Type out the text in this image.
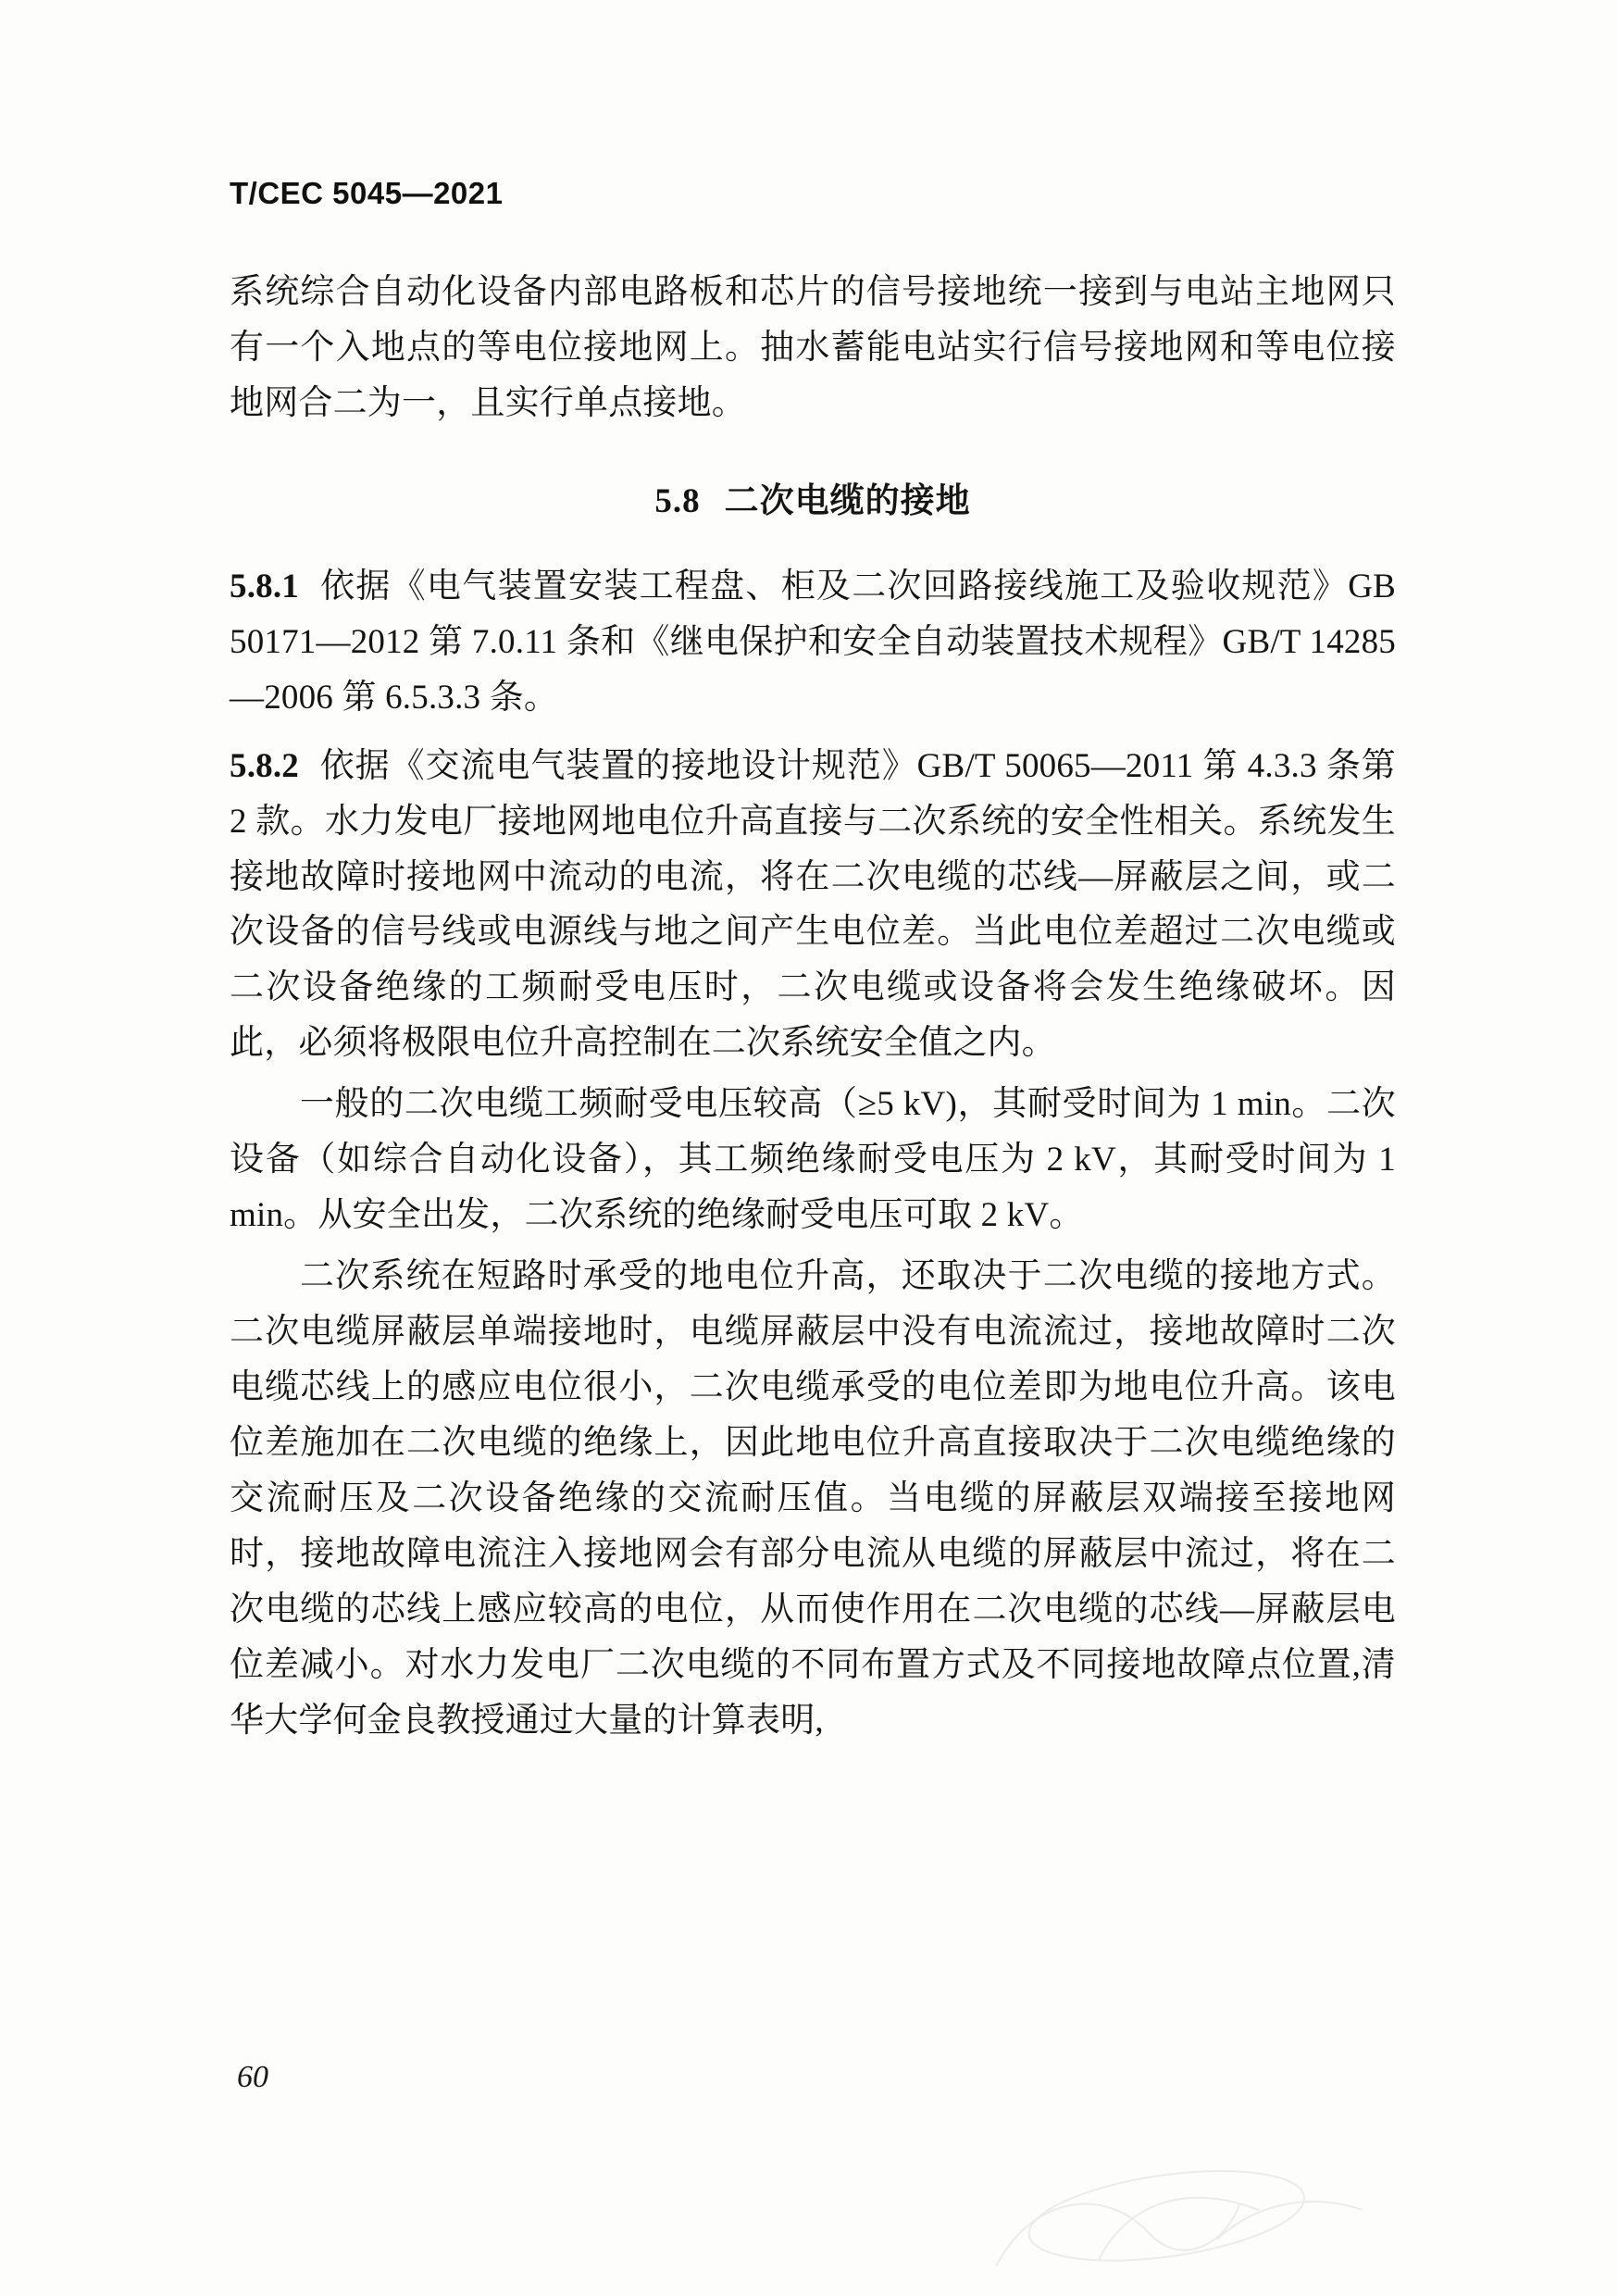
T/CEC 5045—2021

系统综合自动化设备内部电路板和芯片的信号接地统一接到与电站主地网只有一个入地点的等电位接地网上。抽水蓄能电站实行信号接地网和等电位接地网合二为一，且实行单点接地。

5.8 二次电缆的接地

5.8.1 依据《电气装置安装工程盘、柜及二次回路接线施工及验收规范》GB 50171—2012 第 7.0.11 条和《继电保护和安全自动装置技术规程》GB/T 14285—2006 第 6.5.3.3 条。

5.8.2 依据《交流电气装置的接地设计规范》GB/T 50065—2011 第 4.3.3 条第 2 款。水力发电厂接地网地电位升高直接与二次系统的安全性相关。系统发生接地故障时接地网中流动的电流，将在二次电缆的芯线—屏蔽层之间，或二次设备的信号线或电源线与地之间产生电位差。当此电位差超过二次电缆或二次设备绝缘的工频耐受电压时，二次电缆或设备将会发生绝缘破坏。因此，必须将极限电位升高控制在二次系统安全值之内。

一般的二次电缆工频耐受电压较高（≥5 kV)，其耐受时间为 1 min。二次设备（如综合自动化设备），其工频绝缘耐受电压为 2 kV，其耐受时间为 1 min。从安全出发，二次系统的绝缘耐受电压可取 2 kV。

二次系统在短路时承受的地电位升高，还取决于二次电缆的接地方式。二次电缆屏蔽层单端接地时，电缆屏蔽层中没有电流流过，接地故障时二次电缆芯线上的感应电位很小，二次电缆承受的电位差即为地电位升高。该电位差施加在二次电缆的绝缘上，因此地电位升高直接取决于二次电缆绝缘的交流耐压及二次设备绝缘的交流耐压值。当电缆的屏蔽层双端接至接地网时，接地故障电流注入接地网会有部分电流从电缆的屏蔽层中流过，将在二次电缆的芯线上感应较高的电位，从而使作用在二次电缆的芯线—屏蔽层电位差减小。对水力发电厂二次电缆的不同布置方式及不同接地故障点位置,清华大学何金良教授通过大量的计算表明,

60
